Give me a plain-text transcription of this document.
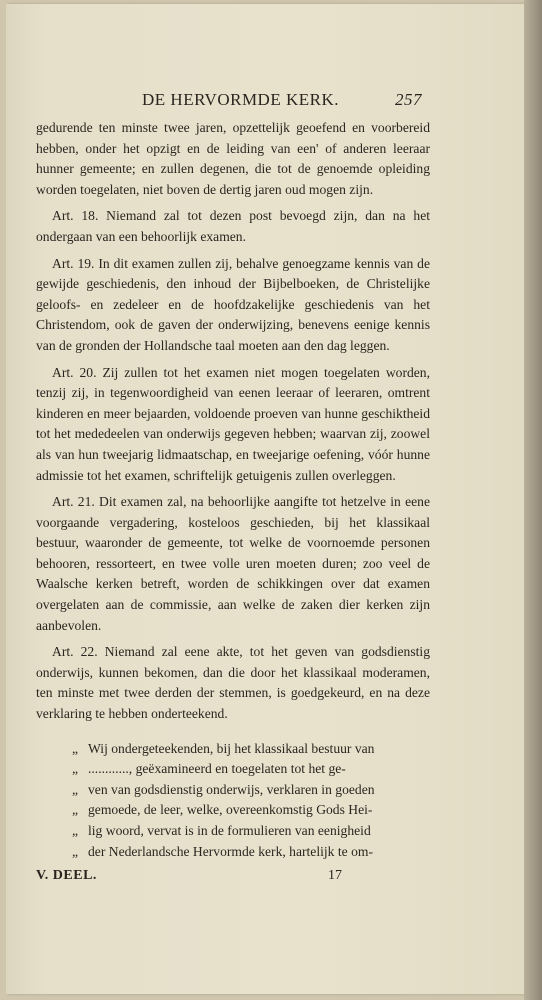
DE HERVORMDE KERK.	257

gedurende ten minste twee jaren, opzettelijk geoefend en voorbereid hebben, onder het opzigt en de leiding van een' of anderen leeraar hunner gemeente; en zullen degenen, die tot de genoemde opleiding worden toegelaten, niet boven de dertig jaren oud mogen zijn.

Art. 18. Niemand zal tot dezen post bevoegd zijn, dan na het ondergaan van een behoorlijk examen.

Art. 19. In dit examen zullen zij, behalve genoegzame kennis van de gewijde geschiedenis, den inhoud der Bijbelboeken, de Christelijke geloofs- en zedeleer en de hoofdzakelijke geschiedenis van het Christendom, ook de gaven der onderwijzing, benevens eenige kennis van de gronden der Hollandsche taal moeten aan den dag leggen.

Art. 20. Zij zullen tot het examen niet mogen toegelaten worden, tenzij zij, in tegenwoordigheid van eenen leeraar of leeraren, omtrent kinderen en meer bejaarden, voldoende proeven van hunne geschiktheid tot het mededeelen van onderwijs gegeven hebben; waarvan zij, zoowel als van hun tweejarig lidmaatschap, en tweejarige oefening, vóór hunne admissie tot het examen, schriftelijk getuigenis zullen overleggen.

Art. 21. Dit examen zal, na behoorlijke aangifte tot hetzelve in eene voorgaande vergadering, kosteloos geschieden, bij het klassikaal bestuur, waaronder de gemeente, tot welke de voornoemde personen behooren, ressorteert, en twee volle uren moeten duren; zoo veel de Waalsche kerken betreft, worden de schikkingen over dat examen overgelaten aan de commissie, aan welke de zaken dier kerken zijn aanbevolen.

Art. 22. Niemand zal eene akte, tot het geven van godsdienstig onderwijs, kunnen bekomen, dan die door het klassikaal moderamen, ten minste met twee derden der stemmen, is goedgekeurd, en na deze verklaring te hebben onderteekend.

„ Wij ondergeteekenden, bij het klassikaal bestuur van

„ ............, geëxamineerd en toegelaten tot het ge-

„ ven van godsdienstig onderwijs, verklaren in goeden

„ gemoede, de leer, welke, overeenkomstig Gods Hei-

„ lig woord, vervat is in de formulieren van eenigheid

„ der Nederlandsche Hervormde kerk, hartelijk te om-

V. DEEL.	17
